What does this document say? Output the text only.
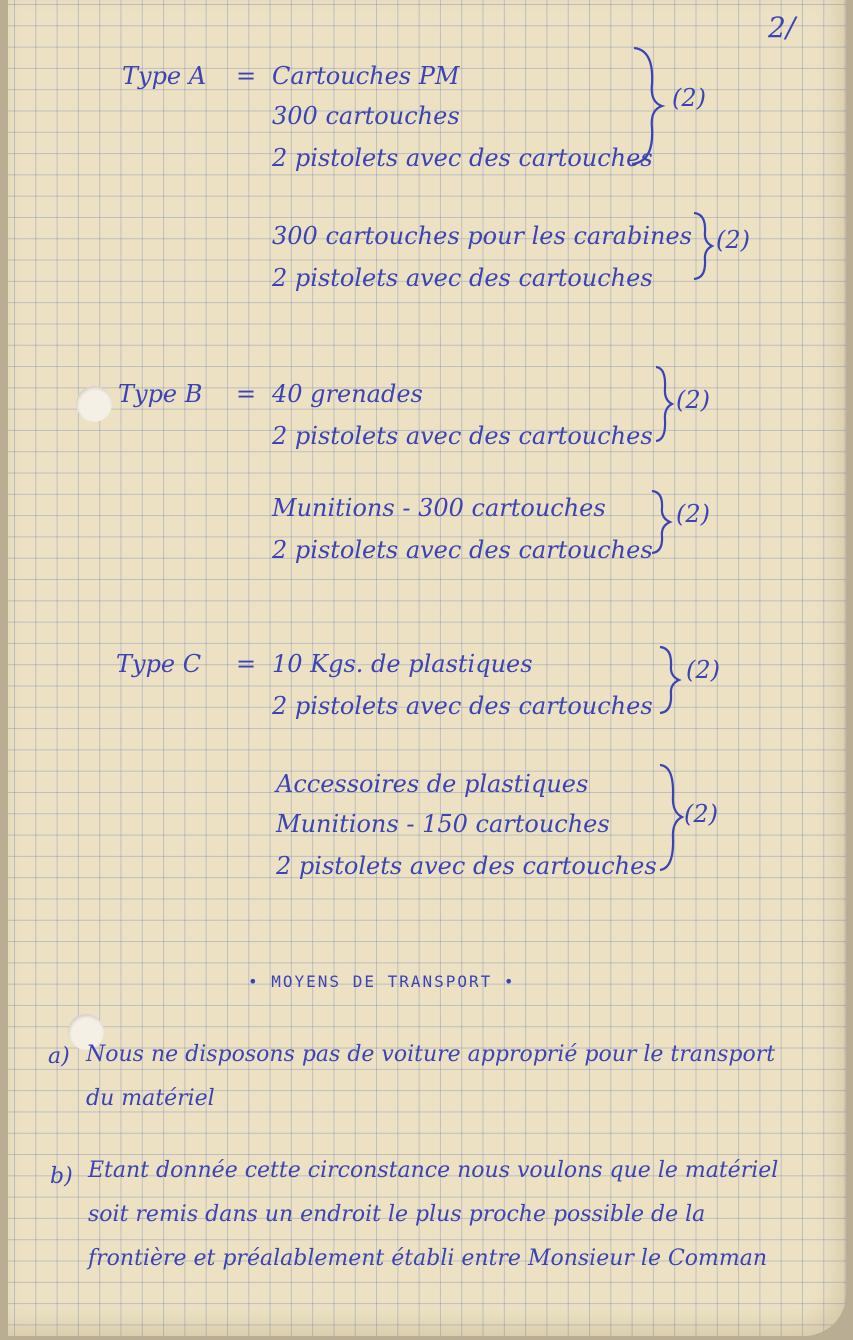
2/
Type A = Cartouches PM
300 cartouches
2 pistolets avec des cartouches
(2)
300 cartouches pour les carabines
2 pistolets avec des cartouches
(2)
Type B = 40 grenades
2 pistolets avec des cartouches
(2)
Munitions - 300 cartouches
2 pistolets avec des cartouches
(2)
Type C = 10 Kgs. de plastiques
2 pistolets avec des cartouches
(2)
Accessoires de plastiques
Munitions - 150 cartouches
2 pistolets avec des cartouches
(2)
• MOYENS DE TRANSPORT •
a) Nous ne disposons pas de voiture approprié pour le transport
du matériel
b) Etant donnée cette circonstance nous voulons que le matériel
soit remis dans un endroit le plus proche possible de la
frontière et préalablement établi entre Monsieur le Comman
